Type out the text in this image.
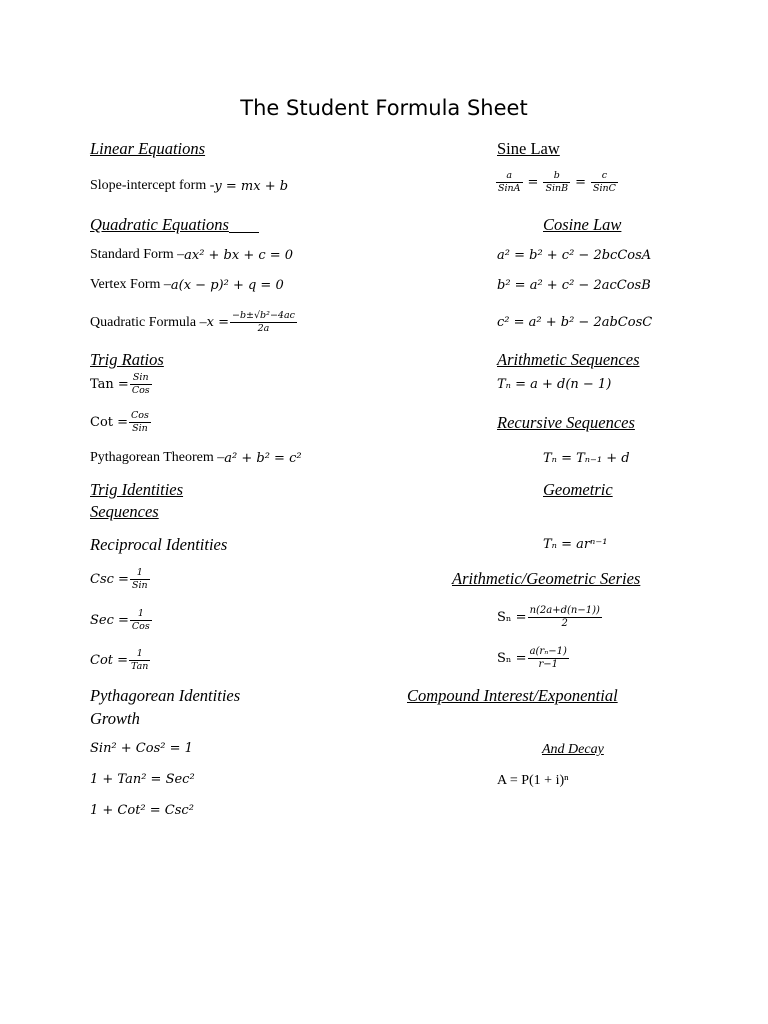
The Student Formula Sheet
Linear Equations
Slope-intercept form - y = mx + b
Quadratic Equations
Standard Form – ax² + bx + c = 0
Vertex Form – a(x − p)² + q = 0
Quadratic Formula – $x = \frac{\text{−b±√b²−4ac}}{2a}$
Trig Ratios
Tan = $\frac{\text{Sin}}{\text{Cos}}$
Cot = $\frac{\text{Cos}}{\text{Sin}}$
Pythagorean Theorem – a² + b² = c²
Trig Identities
Sequences
Reciprocal Identities
Csc = $\frac{1}{\text{Sin}}$
Sec = $\frac{1}{\text{Cos}}$
Cot = $\frac{1}{\text{Tan}}$
Pythagorean Identities
Growth
Sin² + Cos² = 1
1 + Tan² = Sec²
1 + Cot² = Csc²
Sine Law
$\frac{a}{\text{SinA}} = \frac{b}{\text{SinB}} = \frac{c}{\text{SinC}}$
Cosine Law
a² = b² + c² − 2bcCosA
b² = a² + c² − 2acCosB
c² = a² + b² − 2abCosC
Arithmetic Sequences
Tₙ = a + d(n − 1)
Recursive Sequences
Tₙ = Tₙ₋₁ + d
Geometric
Tₙ = arⁿ⁻¹
Arithmetic/Geometric Series
$S_n = \frac{n(2a+d(n-1))}{2}$
$S_n = \frac{\text{a(rₙ−1)}}{r-1}$
Compound Interest/Exponential
And Decay
A = P(1 + i)ⁿ
